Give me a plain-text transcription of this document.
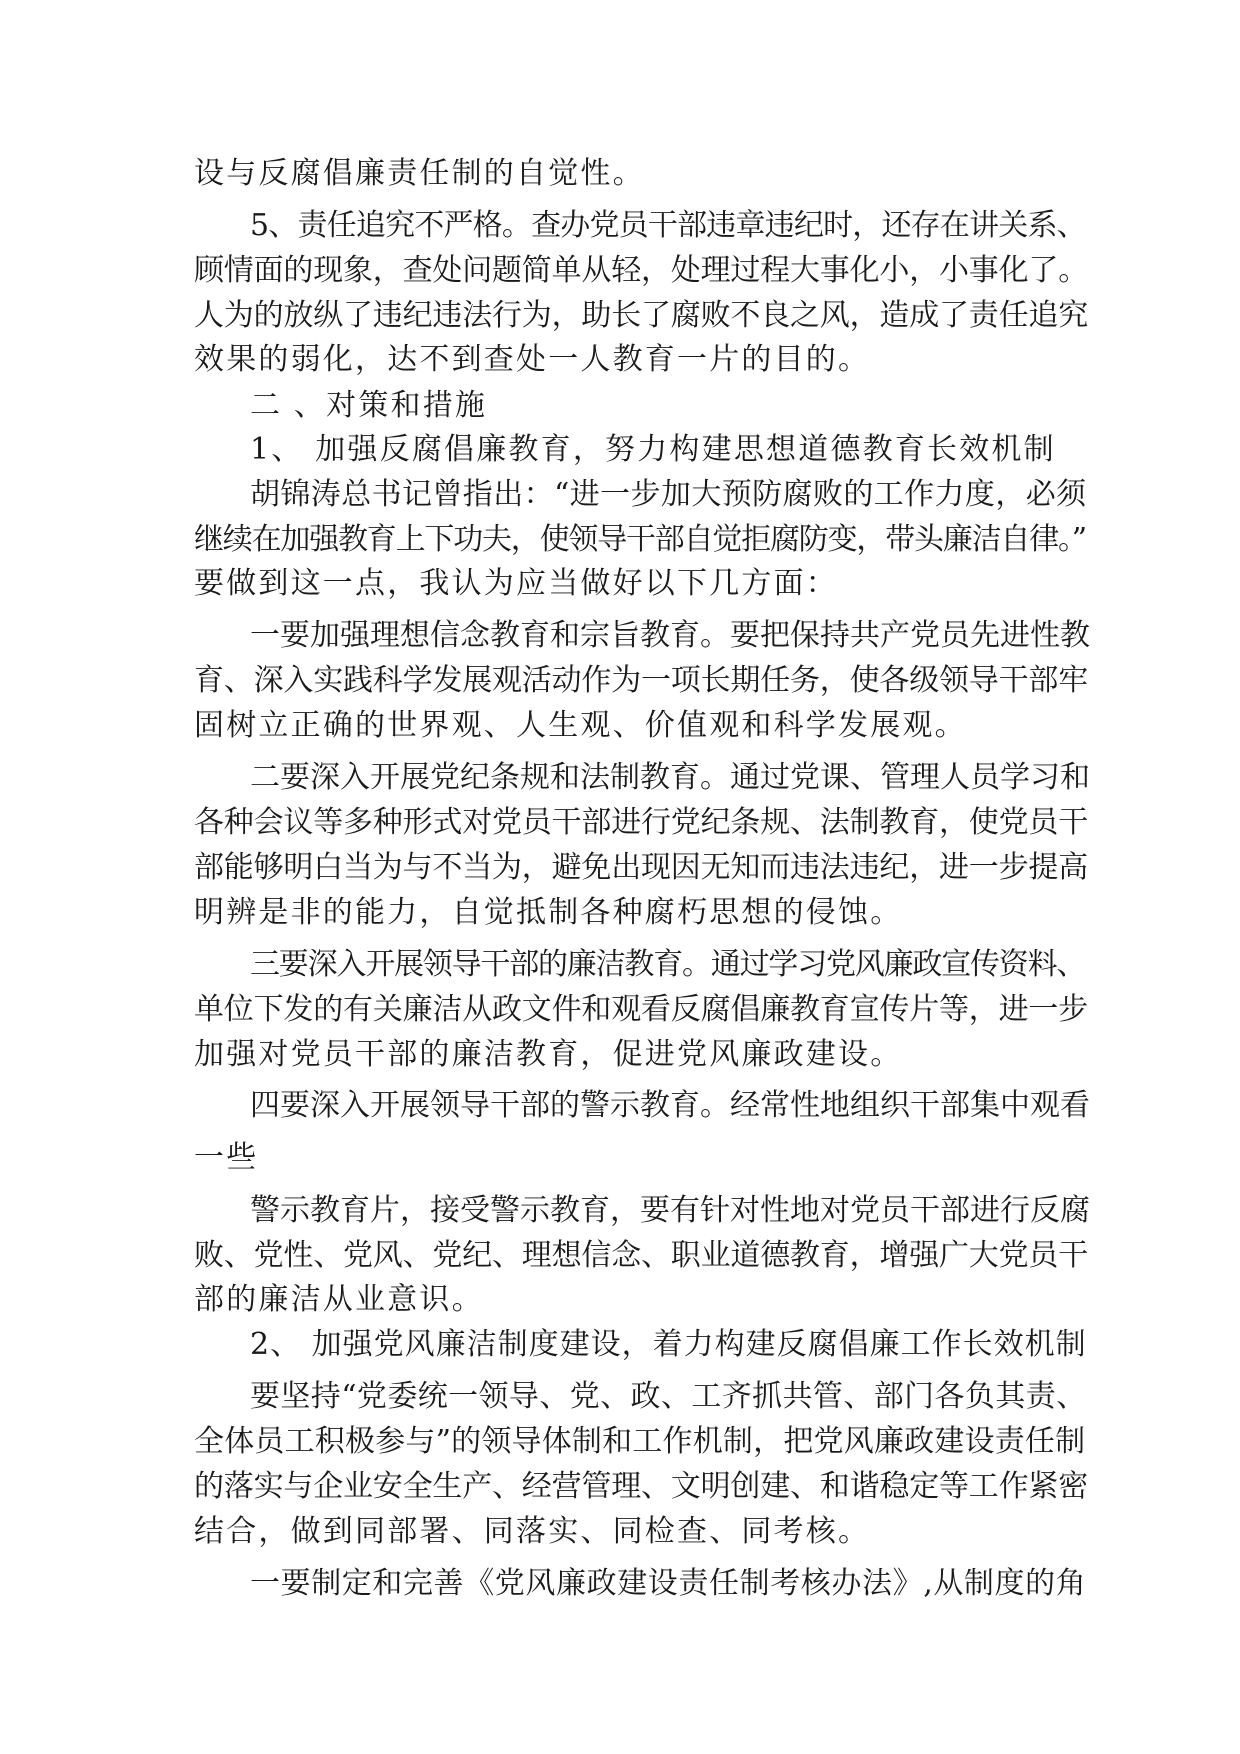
设与反腐倡廉责任制的自觉性。
5、责任追究不严格。查办党员干部违章违纪时，还存在讲关系、
顾情面的现象，查处问题简单从轻，处理过程大事化小，小事化了。
人为的放纵了违纪违法行为，助长了腐败不良之风，造成了责任追究
效果的弱化，达不到查处一人教育一片的目的。
二 、对策和措施
1、 加强反腐倡廉教育，努力构建思想道德教育长效机制
胡锦涛总书记曾指出：“进一步加大预防腐败的工作力度，必须
继续在加强教育上下功夫，使领导干部自觉拒腐防变，带头廉洁自律。”
要做到这一点，我认为应当做好以下几方面：
一要加强理想信念教育和宗旨教育。要把保持共产党员先进性教
育、深入实践科学发展观活动作为一项长期任务，使各级领导干部牢
固树立正确的世界观、人生观、价值观和科学发展观。
二要深入开展党纪条规和法制教育。通过党课、管理人员学习和
各种会议等多种形式对党员干部进行党纪条规、法制教育，使党员干
部能够明白当为与不当为，避免出现因无知而违法违纪，进一步提高
明辨是非的能力，自觉抵制各种腐朽思想的侵蚀。
三要深入开展领导干部的廉洁教育。通过学习党风廉政宣传资料、
单位下发的有关廉洁从政文件和观看反腐倡廉教育宣传片等，进一步
加强对党员干部的廉洁教育，促进党风廉政建设。
四要深入开展领导干部的警示教育。经常性地组织干部集中观看
一些
警示教育片，接受警示教育，要有针对性地对党员干部进行反腐
败、党性、党风、党纪、理想信念、职业道德教育，增强广大党员干
部的廉洁从业意识。
2、 加强党风廉洁制度建设，着力构建反腐倡廉工作长效机制
要坚持“党委统一领导、党、政、工齐抓共管、部门各负其责、
全体员工积极参与”的领导体制和工作机制，把党风廉政建设责任制
的落实与企业安全生产、经营管理、文明创建、和谐稳定等工作紧密
结合，做到同部署、同落实、同检查、同考核。
一要制定和完善《党风廉政建设责任制考核办法》,从制度的角
